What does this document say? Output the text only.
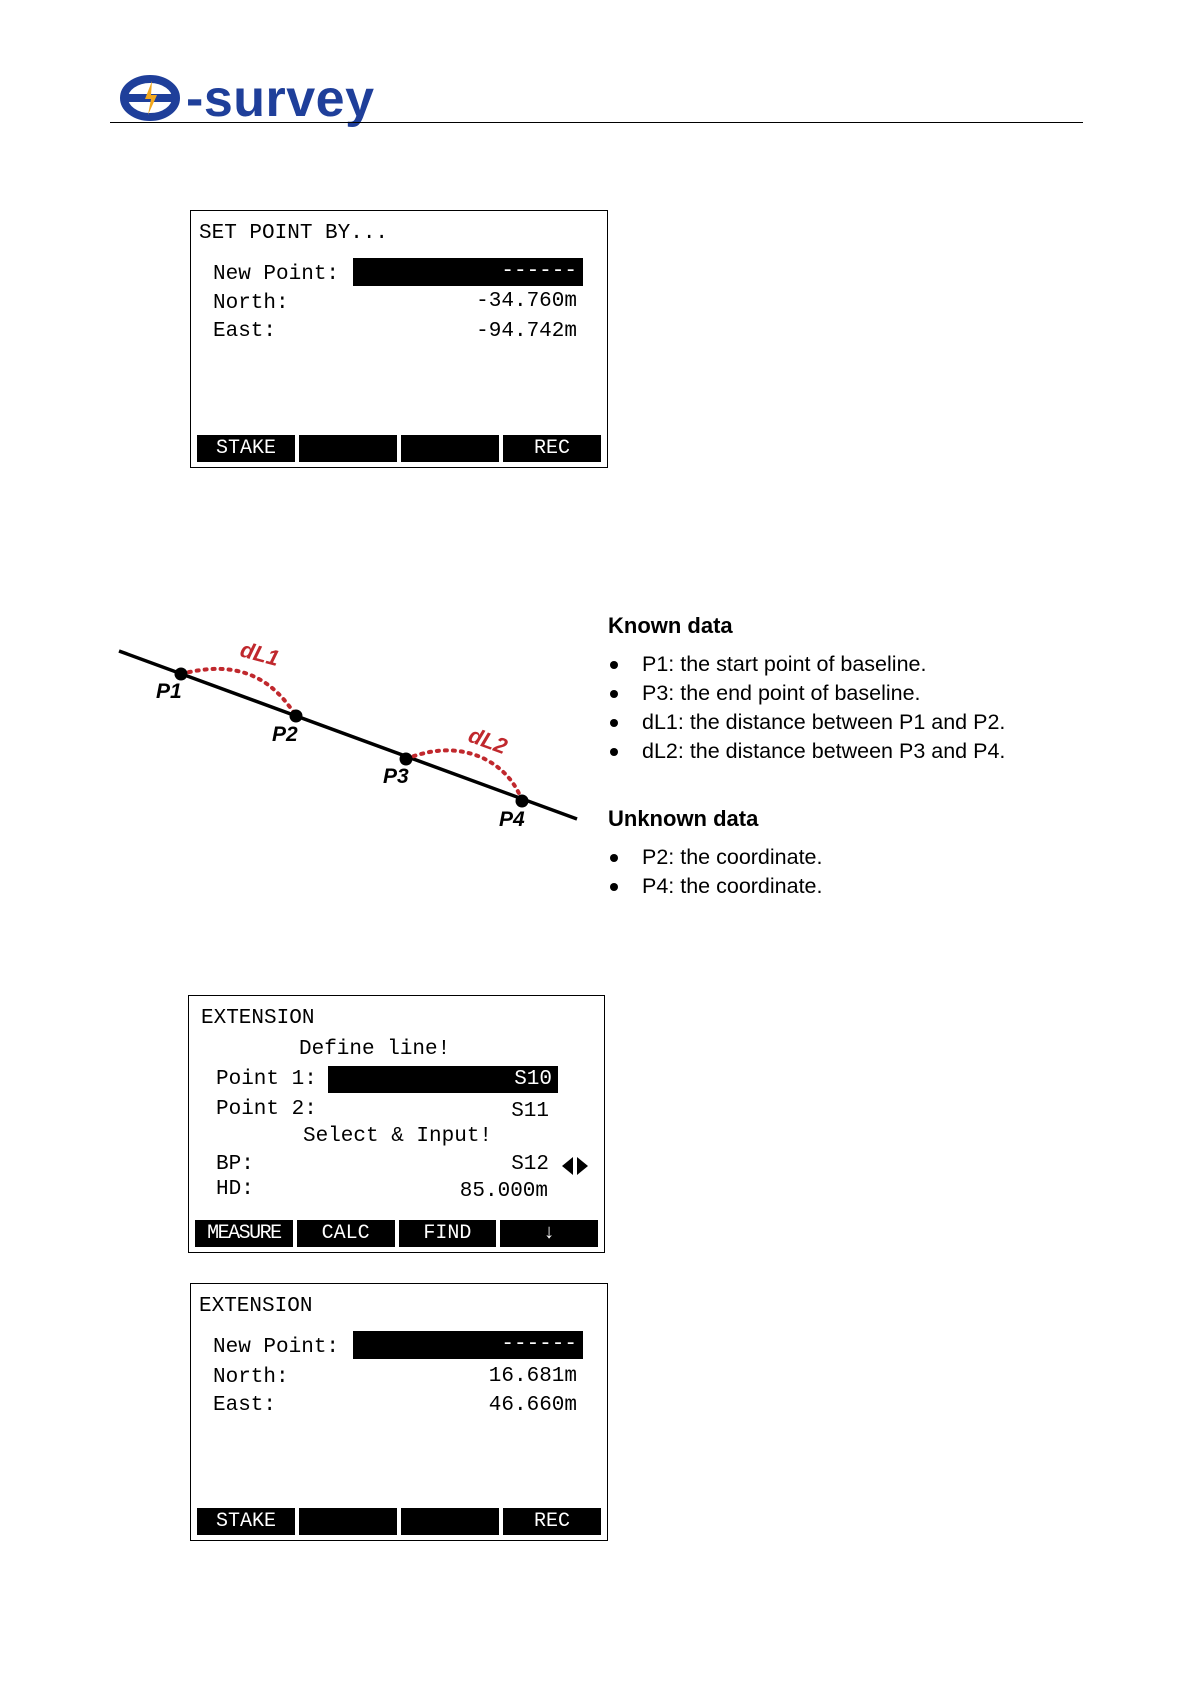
-survey
SET POINT BY...
New Point:	------
North:	-34.760m
East:	-94.742m
STAKE	REC
P1
P2
P3
P4
dL1
dL2
Known data
P1: the start point of baseline.
P3: the end point of baseline.
dL1: the distance between P1 and P2.
dL2: the distance between P3 and P4.
Unknown data
P2: the coordinate.
P4: the coordinate.
EXTENSION
Define line!
Point 1:	S10
Point 2:	S11
Select & Input!
BP:	S12
HD:	85.000m
MEASURE	CALC	FIND	↓
EXTENSION
New Point:	------
North:	16.681m
East:	46.660m
STAKE	REC
